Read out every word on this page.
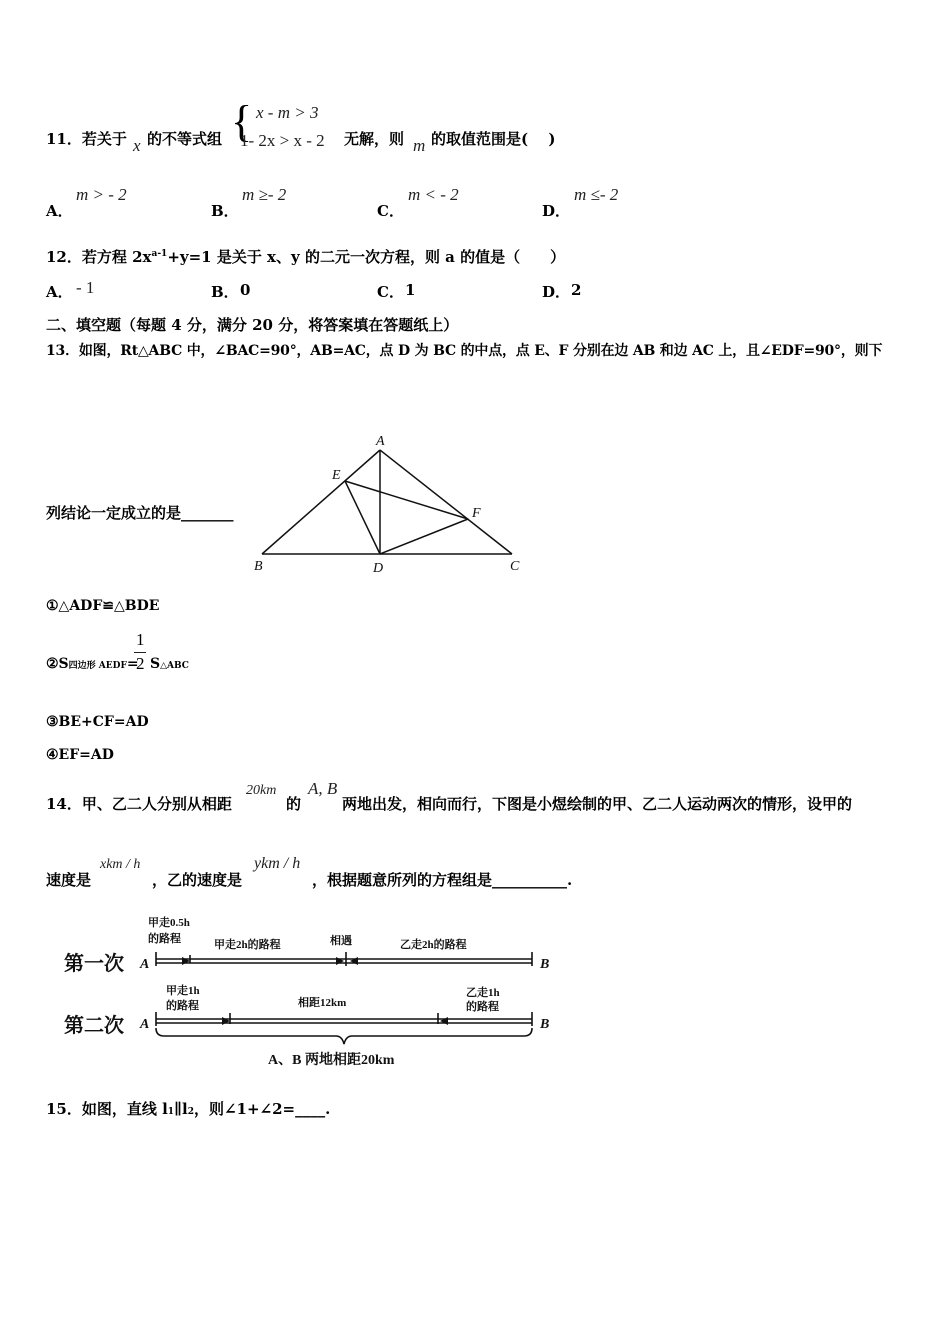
11．若关于 x 的不等式组 { x - m > 3
1- 2x > x - 2 无解，则 m 的取值范围是(　 )
A．
m > - 2
B．
m ≥- 2
C．
m < - 2
D．
m ≤- 2
12．若方程 $2x^{a-1}+y=1$ 是关于 x、y 的二元一次方程，则 a 的值是（　　）
A． - 1	B． 0	C． 1	D． 2
二、填空题（每题 4 分，满分 20 分，将答案填在答题纸上）
13．如图，Rt△ABC 中，∠BAC=90°，AB=AC，点 D 为 BC 的中点，点 E、F 分别在边 AB 和边 AC 上，且∠EDF=90°，则下
列结论一定成立的是_______
A
E
F
B	D	C
①△ADF≌△BDE
②S四边形 AEDF=
1
2 S△ABC
③BE+CF=AD
④EF=AD
14．甲、乙二人分别从相距
20km
的
A, B
两地出发，相向而行，下图是小煜绘制的甲、乙二人运动两次的情形，设甲的
速度是
xkm / h
，乙的速度是
ykm / h
，根据题意所列的方程组是__________.
第一次 A
第二次 A
B
B
甲走0.5h
的路程	甲走2h的路程	相遇	乙走2h的路程
甲走1h
的路程	相距12km
乙走1h
的路程
A、B 两地相距20km
15．如图，直线 l1∥l2，则∠1+∠2=____.
